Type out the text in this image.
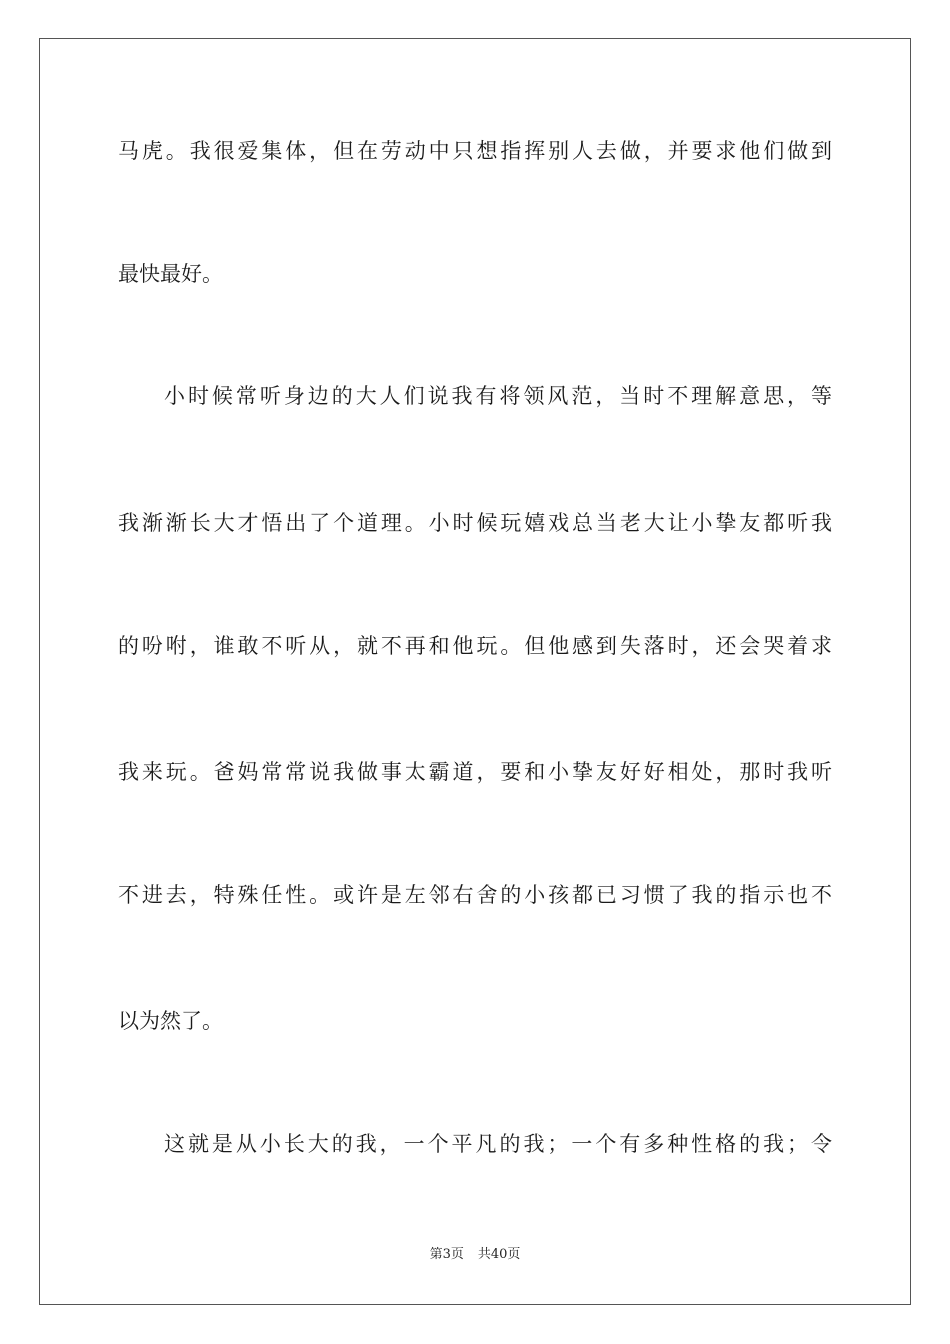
马虎。我很爱集体，但在劳动中只想指挥别人去做，并要求他们做到
最快最好。
小时候常听身边的大人们说我有将领风范，当时不理解意思，等
我渐渐长大才悟出了个道理。小时候玩嬉戏总当老大让小挚友都听我
的吩咐，谁敢不听从，就不再和他玩。但他感到失落时，还会哭着求
我来玩。爸妈常常说我做事太霸道，要和小挚友好好相处，那时我听
不进去，特殊任性。或许是左邻右舍的小孩都已习惯了我的指示也不
以为然了。
这就是从小长大的我，一个平凡的我；一个有多种性格的我；令
第3页 共40页
